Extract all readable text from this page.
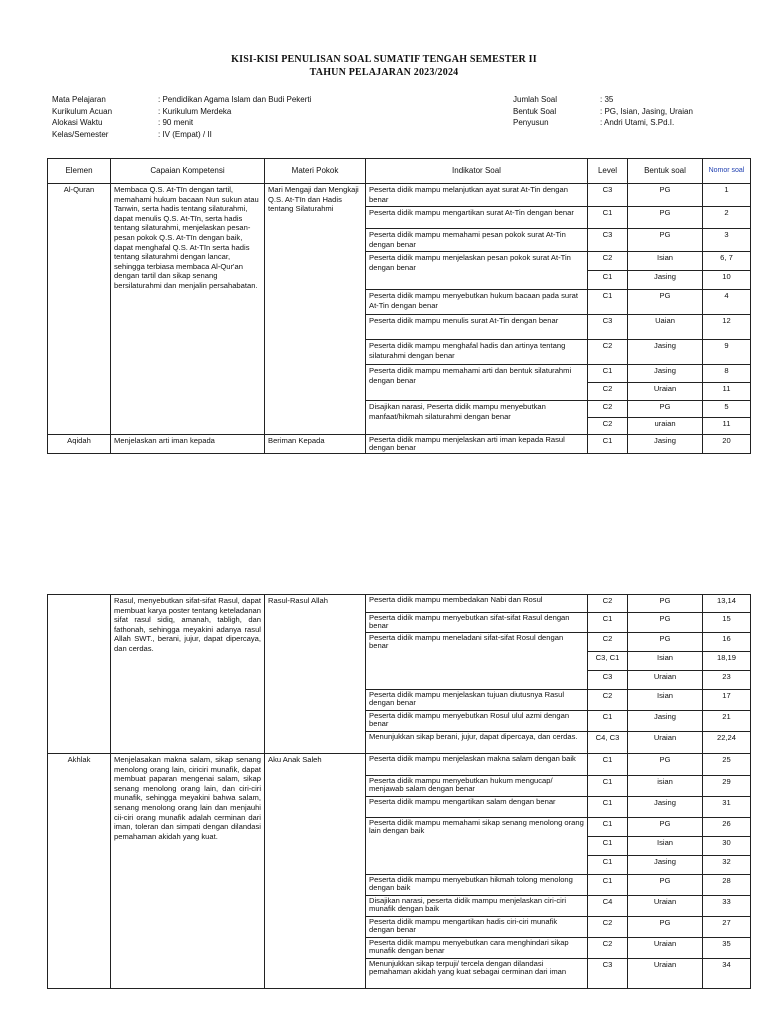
KISI-KISI PENULISAN SOAL SUMATIF TENGAH SEMESTER II
TAHUN PELAJARAN 2023/2024
Mata Pelajaran	: Pendidikan Agama Islam dan Budi Pekerti
Kurikulum Acuan	: Kurikulum Merdeka
Alokasi Waktu	: 90 menit
Kelas/Semester	: IV (Empat) / II
Jumlah Soal	: 35
Bentuk Soal	: PG, Isian, Jasing, Uraian
Penyusun	: Andri Utami, S.Pd.I.
Elemen	Capaian Kompetensi	Materi Pokok	Indikator Soal	Level	Bentuk soal	Nomor soal
Al-Quran	Membaca Q.S. At-Tīn dengan tartil, memahami hukum bacaan Nun sukun atau Tanwin, serta hadis tentang silaturahmi, dapat menulis Q.S. At-Tīn, serta hadis tentang silaturahmi, menjelaskan pesan-pesan pokok Q.S. At-Tīn dengan baik, dapat menghafal Q.S. At-Tīn serta hadis tentang silaturahmi dengan lancar, sehingga terbiasa membaca Al-Qur'an dengan tartil dan sikap senang bersilaturahmi dan menjalin persahabatan.	Mari Mengaji dan Mengkaji Q.S. At-Tīn dan Hadis tentang Silaturahmi	Peserta didik mampu melanjutkan ayat surat At-Tin dengan benar	C3	PG	1
			Peserta didik mampu mengartikan surat At-Tin dengan benar	C1	PG	2
			Peserta didik mampu memahami pesan pokok surat At-Tin dengan benar	C3	PG	3
			Peserta didik mampu menjelaskan pesan pokok surat At-Tin dengan benar	C2	Isian	6, 7
				C1	Jasing	10
			Peserta didik mampu menyebutkan hukum bacaan pada surat At-Tin dengan benar	C1	PG	4
			Peserta didik mampu menulis surat At-Tin dengan benar	C3	Uaian	12
			Peserta didik mampu menghafal hadis dan artinya tentang silaturahmi dengan benar	C2	Jasing	9
			Peserta didik mampu memahami arti dan bentuk silaturahmi dengan benar	C1	Jasing	8
				C2	Uraian	11
			Disajikan narasi, Peserta didik mampu menyebutkan manfaat/hikmah silaturahmi dengan benar	C2	PG	5
				C2	uraian	11
Aqidah	Menjelaskan arti iman kepada	Beriman Kepada	Peserta didik mampu menjelaskan arti iman kepada Rasul dengan benar	C1	Jasing	20
	Rasul, menyebutkan sifat-sifat Rasul, dapat membuat karya poster tentang keteladanan sifat rasul sidiq, amanah, tabligh, dan fathonah, sehingga meyakini adanya rasul Allah SWT., berani, jujur, dapat dipercaya, dan cerdas.	Rasul-Rasul Allah	Peserta didik mampu membedakan Nabi dan Rosul	C2	PG	13,14
			Peserta didik mampu menyebutkan sifat-sifat Rasul dengan benar	C1	PG	15
			Peserta didik mampu meneladani sifat-sifat Rosul dengan benar	C2	PG	16
				C3, C1	Isian	18,19
				C3	Uraian	23
			Peserta didik mampu menjelaskan tujuan diutusnya Rasul dengan benar	C2	Isian	17
			Peserta didik mampu menyebutkan Rosul ulul azmi dengan benar	C1	Jasing	21
			Menunjukkan sikap berani, jujur, dapat dipercaya, dan cerdas.	C4, C3	Uraian	22,24
Akhlak	Menjelasakan makna salam, sikap senang menolong orang lain, ciriciri munafik, dapat membuat paparan mengenai salam, sikap senang menolong orang lain, dan ciri-ciri munafik, sehingga meyakini bahwa salam, senang menolong orang lain dan menjauhi cii-ciri orang munafik adalah cerminan dari iman, toleran dan simpati dengan dilandasi pemahaman akidah yang kuat.	Aku Anak Saleh	Peserta didik mampu menjelaskan makna salam dengan baik	C1	PG	25
			Peserta didik mampu menyebutkan hukum mengucap/ menjawab salam dengan benar	C1	isian	29
			Peserta didik mampu mengartikan salam dengan benar	C1	Jasing	31
			Peserta didik mampu memahami sikap senang menolong orang lain dengan baik	C1	PG	26
				C1	Isian	30
				C1	Jasing	32
			Peserta didik mampu menyebutkan hikmah tolong menolong dengan baik	C1	PG	28
			Disajikan narasi, peserta didik mampu menjelaskan ciri-ciri munafik dengan baik	C4	Uraian	33
			Peserta didik mampu mengartikan hadis ciri-ciri munafik dengan benar	C2	PG	27
			Peserta didik mampu menyebutkan cara menghindari sikap munafik dengan benar	C2	Uraian	35
			Menunjukkan sikap terpuji/ tercela dengan dilandasi pemahaman akidah yang kuat sebagai cerminan dari iman	C3	Uraian	34
